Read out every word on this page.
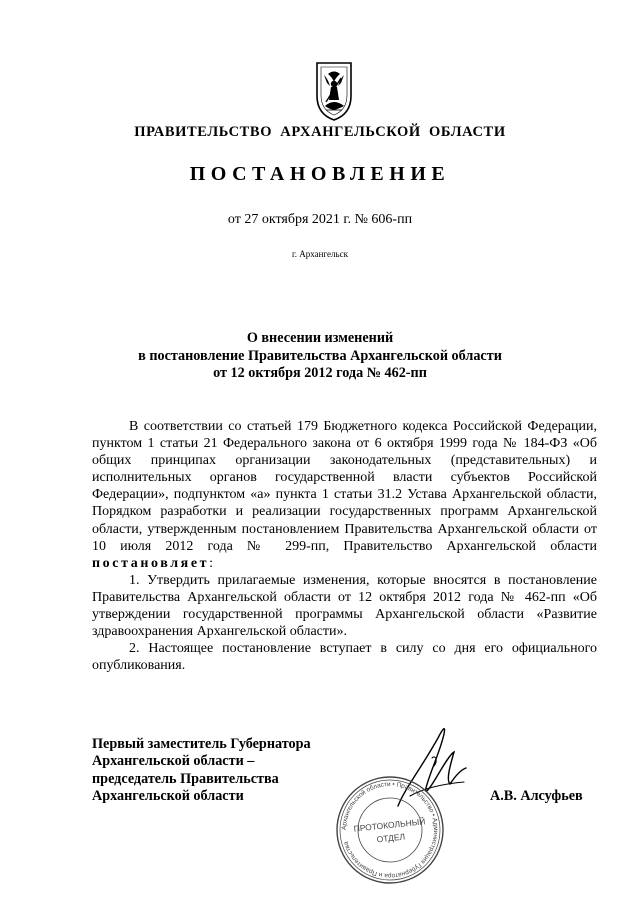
ПРАВИТЕЛЬСТВО АРХАНГЕЛЬСКОЙ ОБЛАСТИ
ПОСТАНОВЛЕНИЕ
от 27 октября 2021 г. № 606-пп
г. Архангельск
О внесении изменений
в постановление Правительства Архангельской области
от 12 октября 2012 года № 462-пп

В соответствии со статьей 179 Бюджетного кодекса Российской Федерации, пунктом 1 статьи 21 Федерального закона от 6 октября 1999 года № 184-ФЗ «Об общих принципах организации законодательных (представительных) и исполнительных органов государственной власти субъектов Российской Федерации», подпунктом «а» пункта 1 статьи 31.2 Устава Архангельской области, Порядком разработки и реализации государственных программ Архангельской области, утвержденным постановлением Правительства Архангельской области от 10 июля 2012 года № 299-пп, Правительство Архангельской области постановляет:

1. Утвердить прилагаемые изменения, которые вносятся в постановление Правительства Архангельской области от 12 октября 2012 года № 462-пп «Об утверждении государственной программы Архангельской области «Развитие здравоохранения Архангельской области».

2. Настоящее постановление вступает в силу со дня его официального опубликования.

Первый заместитель Губернатора
Архангельской области –
председатель Правительства
Архангельской области	А.В. Алсуфьев
Архангельской области • Правительство • Администрация Губернатора и Правительства
ПРОТОКОЛЬНЫЙ
ОТДЕЛ
